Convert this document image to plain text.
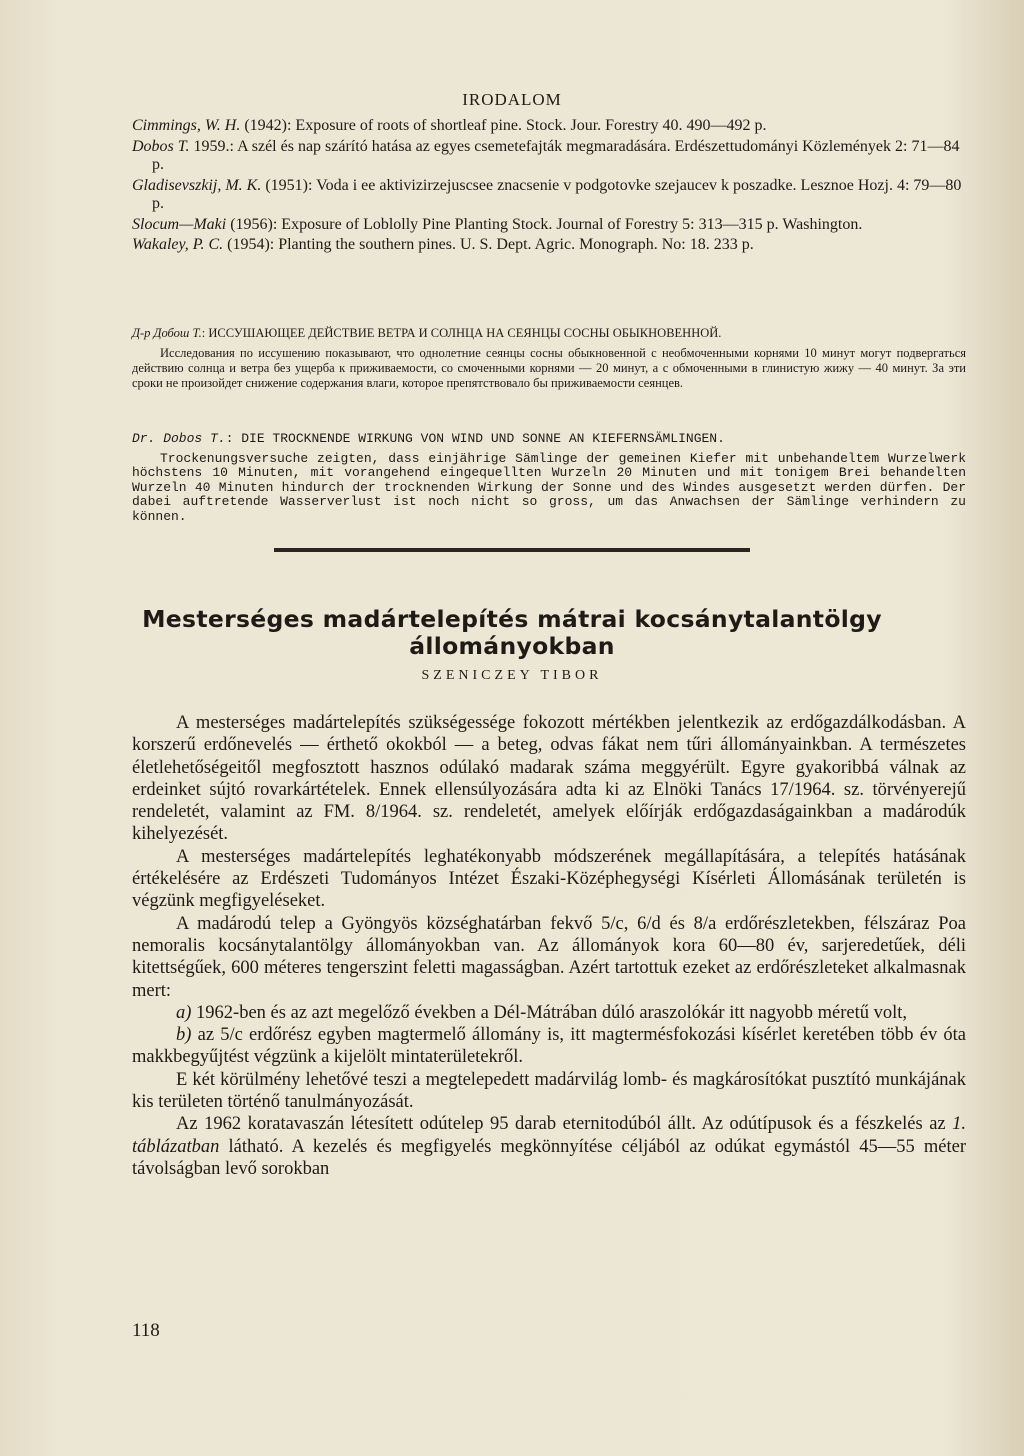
IRODALOM
Cimmings, W. H. (1942): Exposure of roots of shortleaf pine. Stock. Jour. Forestry 40. 490—492 p.
Dobos T. 1959.: A szél és nap szárító hatása az egyes csemetefajták megmaradására. Erdészettudományi Közlemények 2: 71—84 p.
Gladisevszkij, M. K. (1951): Voda i ee aktivizirzejuscsee znacsenie v podgotovke szejaucev k poszadke. Lesznoe Hozj. 4: 79—80 p.
Slocum—Maki (1956): Exposure of Loblolly Pine Planting Stock. Journal of Forestry 5: 313—315 p. Washington.
Wakaley, P. C. (1954): Planting the southern pines. U. S. Dept. Agric. Monograph. No: 18. 233 p.

Д-р Добош Т.: ИССУШАЮЩЕЕ ДЕЙСТВИЕ ВЕТРА И СОЛНЦА НА СЕЯНЦЫ СОСНЫ ОБЫКНОВЕННОЙ.

Исследования по иссушению показывают, что однолетние сеянцы сосны обыкновенной с необмоченными корнями 10 минут могут подвергаться действию солнца и ветра без ущерба к приживаемости, со смоченными корнями — 20 минут, а с обмоченными в глинистую жижу — 40 минут. За эти сроки не произойдет снижение содержания влаги, которое препятствовало бы приживаемости сеянцев.

Dr. Dobos T.: DIE TROCKNENDE WIRKUNG VON WIND UND SONNE AN KIEFERNSÄMLINGEN.

Trockenungsversuche zeigten, dass einjährige Sämlinge der gemeinen Kiefer mit unbehandeltem Wurzelwerk höchstens 10 Minuten, mit vorangehend eingequellten Wurzeln 20 Minuten und mit tonigem Brei behandelten Wurzeln 40 Minuten hindurch der trocknenden Wirkung der Sonne und des Windes ausgesetzt werden dürfen. Der dabei auftretende Wasserverlust ist noch nicht so gross, um das Anwachsen der Sämlinge verhindern zu können.

Mesterséges madártelepítés mátrai kocsánytalantölgy
állományokban
SZENICZEY TIBOR

A mesterséges madártelepítés szükségessége fokozott mértékben jelentkezik az erdőgazdálkodásban. A korszerű erdőnevelés — érthető okokból — a beteg, odvas fákat nem tűri állományainkban. A természetes életlehetőségeitől megfosztott hasznos odúlakó madarak száma meggyérült. Egyre gyakoribbá válnak az erdeinket sújtó rovarkártételek. Ennek ellensúlyozására adta ki az Elnöki Tanács 17/1964. sz. törvényerejű rendeletét, valamint az FM. 8/1964. sz. rendeletét, amelyek előírják erdőgazdaságainkban a madárodúk kihelyezését.

A mesterséges madártelepítés leghatékonyabb módszerének megállapítására, a telepítés hatásának értékelésére az Erdészeti Tudományos Intézet Északi-Középhegységi Kísérleti Állomásának területén is végzünk megfigyeléseket.

A madárodú telep a Gyöngyös községhatárban fekvő 5/c, 6/d és 8/a erdőrészletekben, félszáraz Poa nemoralis kocsánytalantölgy állományokban van. Az állományok kora 60—80 év, sarjeredetűek, déli kitettségűek, 600 méteres tengerszint feletti magasságban. Azért tartottuk ezeket az erdőrészleteket alkalmasnak mert:

a) 1962-ben és az azt megelőző években a Dél-Mátrában dúló araszolókár itt nagyobb méretű volt,

b) az 5/c erdőrész egyben magtermelő állomány is, itt magtermésfokozási kísérlet keretében több év óta makkbegyűjtést végzünk a kijelölt mintaterületekről.

E két körülmény lehetővé teszi a megtelepedett madárvilág lomb- és magkárosítókat pusztító munkájának kis területen történő tanulmányozását.

Az 1962 koratavaszán létesített odútelep 95 darab eternitodúból állt. Az odútípusok és a fészkelés az 1. táblázatban látható. A kezelés és megfigyelés megkönnyítése céljából az odúkat egymástól 45—55 méter távolságban levő sorokban

118
